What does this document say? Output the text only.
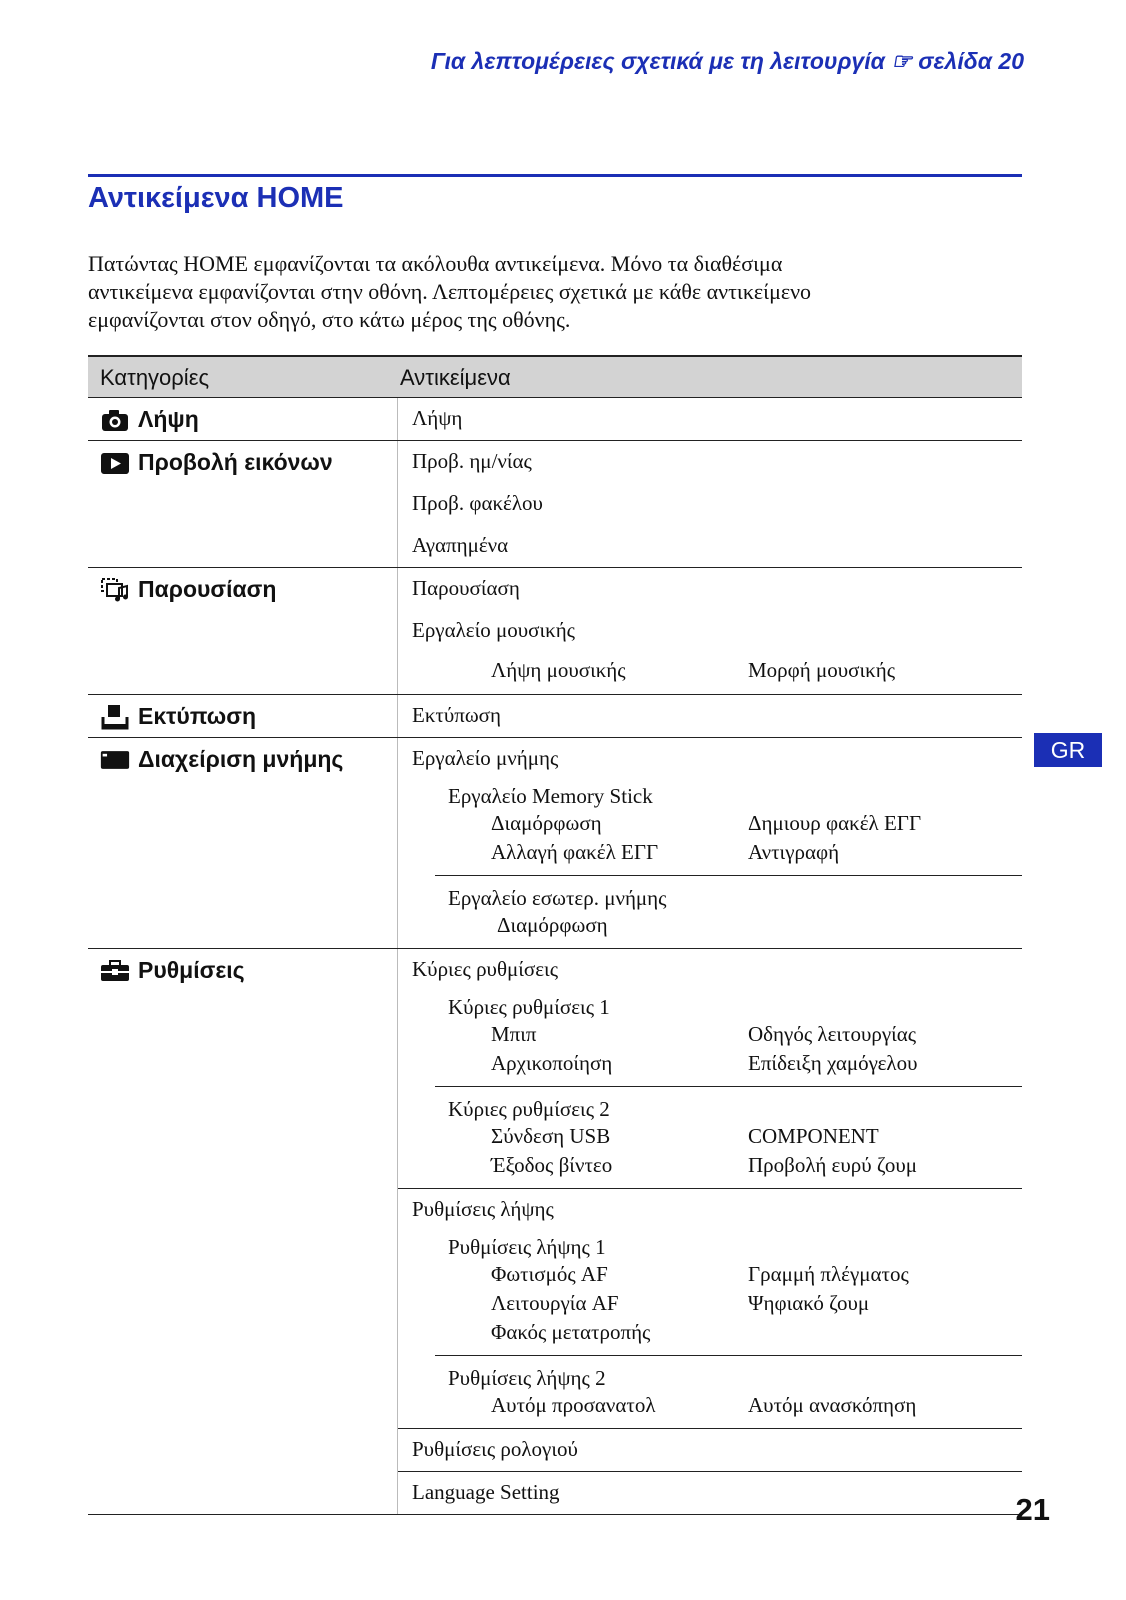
Για λεπτομέρειες σχετικά με τη λειτουργία ☞ σελίδα 20
Αντικείμενα HOME
Πατώντας HOME εμφανίζονται τα ακόλουθα αντικείμενα. Μόνο τα διαθέσιμα
αντικείμενα εμφανίζονται στην οθόνη. Λεπτομέρειες σχετικά με κάθε αντικείμενο
εμφανίζονται στον οδηγό, στο κάτω μέρος της οθόνης.
Κατηγορίες	Αντικείμενα
Λήψη	Λήψη
Προβολή εικόνων	Προβ. ημ/νίας
Προβ. φακέλου
Αγαπημένα
Παρουσίαση	Παρουσίαση
Εργαλείο μουσικής
Λήψη μουσικής	Μορφή μουσικής
Εκτύπωση	Εκτύπωση
Διαχείριση μνήμης	Εργαλείο μνήμης
Εργαλείο Memory Stick
Διαμόρφωση	Δημιουρ φακέλ ΕΓΓ
Αλλαγή φακέλ ΕΓΓ	Αντιγραφή
Εργαλείο εσωτερ. μνήμης
Διαμόρφωση
Ρυθμίσεις	Κύριες ρυθμίσεις
Κύριες ρυθμίσεις 1
Μπιπ	Οδηγός λειτουργίας
Αρχικοποίηση	Επίδειξη χαμόγελου
Κύριες ρυθμίσεις 2
Σύνδεση USB	COMPONENT
Έξοδος βίντεο	Προβολή ευρύ ζουμ
Ρυθμίσεις λήψης
Ρυθμίσεις λήψης 1
Φωτισμός AF	Γραμμή πλέγματος
Λειτουργία AF	Ψηφιακό ζουμ
Φακός μετατροπής
Ρυθμίσεις λήψης 2
Αυτόμ προσανατολ	Αυτόμ ανασκόπηση
Ρυθμίσεις ρολογιού
Language Setting
GR
21
